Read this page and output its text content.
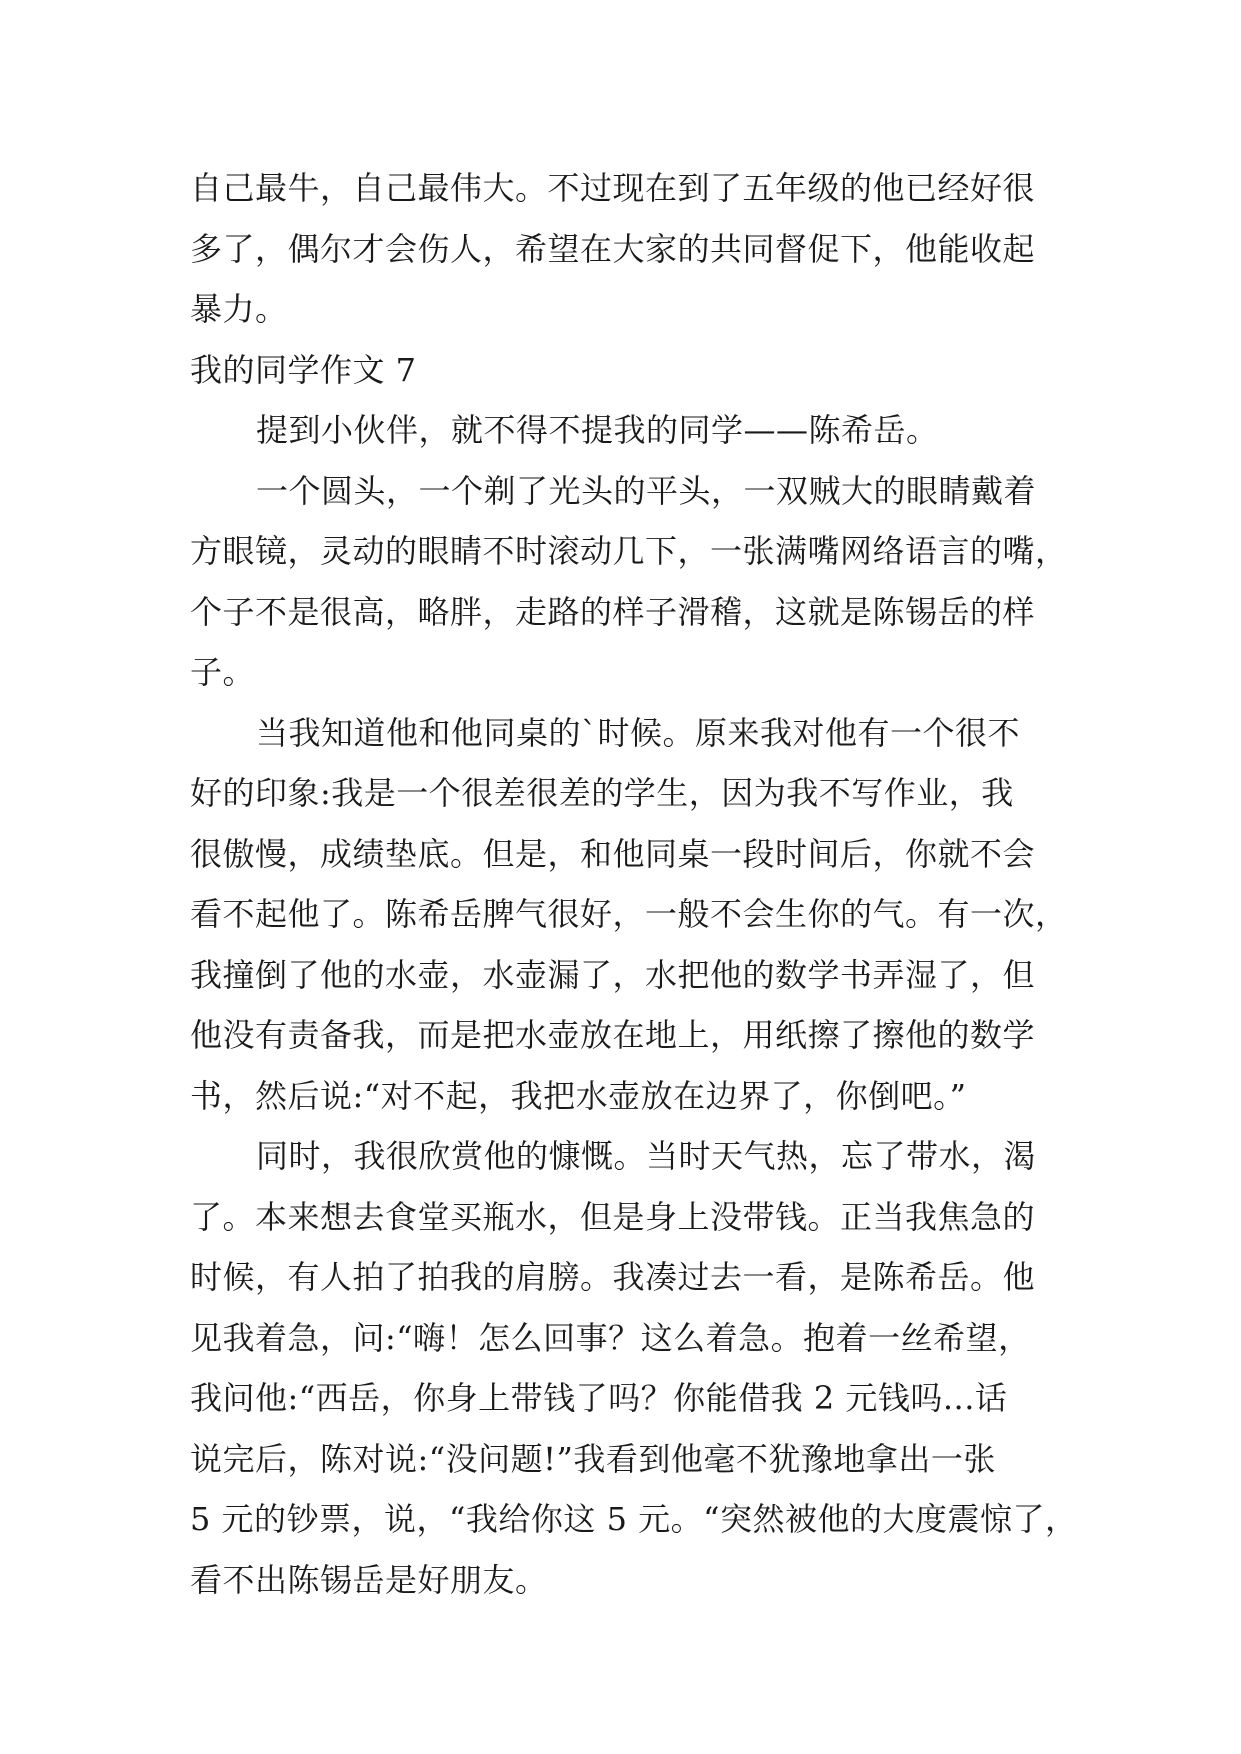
自己最牛，自己最伟大。不过现在到了五年级的他已经好很
多了，偶尔才会伤人，希望在大家的共同督促下，他能收起
暴力。
我的同学作文 7
提到小伙伴，就不得不提我的同学——陈希岳。
一个圆头，一个剃了光头的平头，一双贼大的眼睛戴着
方眼镜，灵动的眼睛不时滚动几下，一张满嘴网络语言的嘴，
个子不是很高，略胖，走路的样子滑稽，这就是陈锡岳的样
子。
当我知道他和他同桌的`时候。原来我对他有一个很不
好的印象:我是一个很差很差的学生，因为我不写作业，我
很傲慢，成绩垫底。但是，和他同桌一段时间后，你就不会
看不起他了。陈希岳脾气很好，一般不会生你的气。有一次，
我撞倒了他的水壶，水壶漏了，水把他的数学书弄湿了，但
他没有责备我，而是把水壶放在地上，用纸擦了擦他的数学
书，然后说:“对不起，我把水壶放在边界了，你倒吧。”
同时，我很欣赏他的慷慨。当时天气热，忘了带水，渴
了。本来想去食堂买瓶水，但是身上没带钱。正当我焦急的
时候，有人拍了拍我的肩膀。我凑过去一看，是陈希岳。他
见我着急，问:“嗨！怎么回事？这么着急。抱着一丝希望，
我问他:“西岳，你身上带钱了吗？你能借我 2 元钱吗...话
说完后，陈对说:“没问题!”我看到他毫不犹豫地拿出一张
5 元的钞票，说，“我给你这 5 元。“突然被他的大度震惊了，
看不出陈锡岳是好朋友。
